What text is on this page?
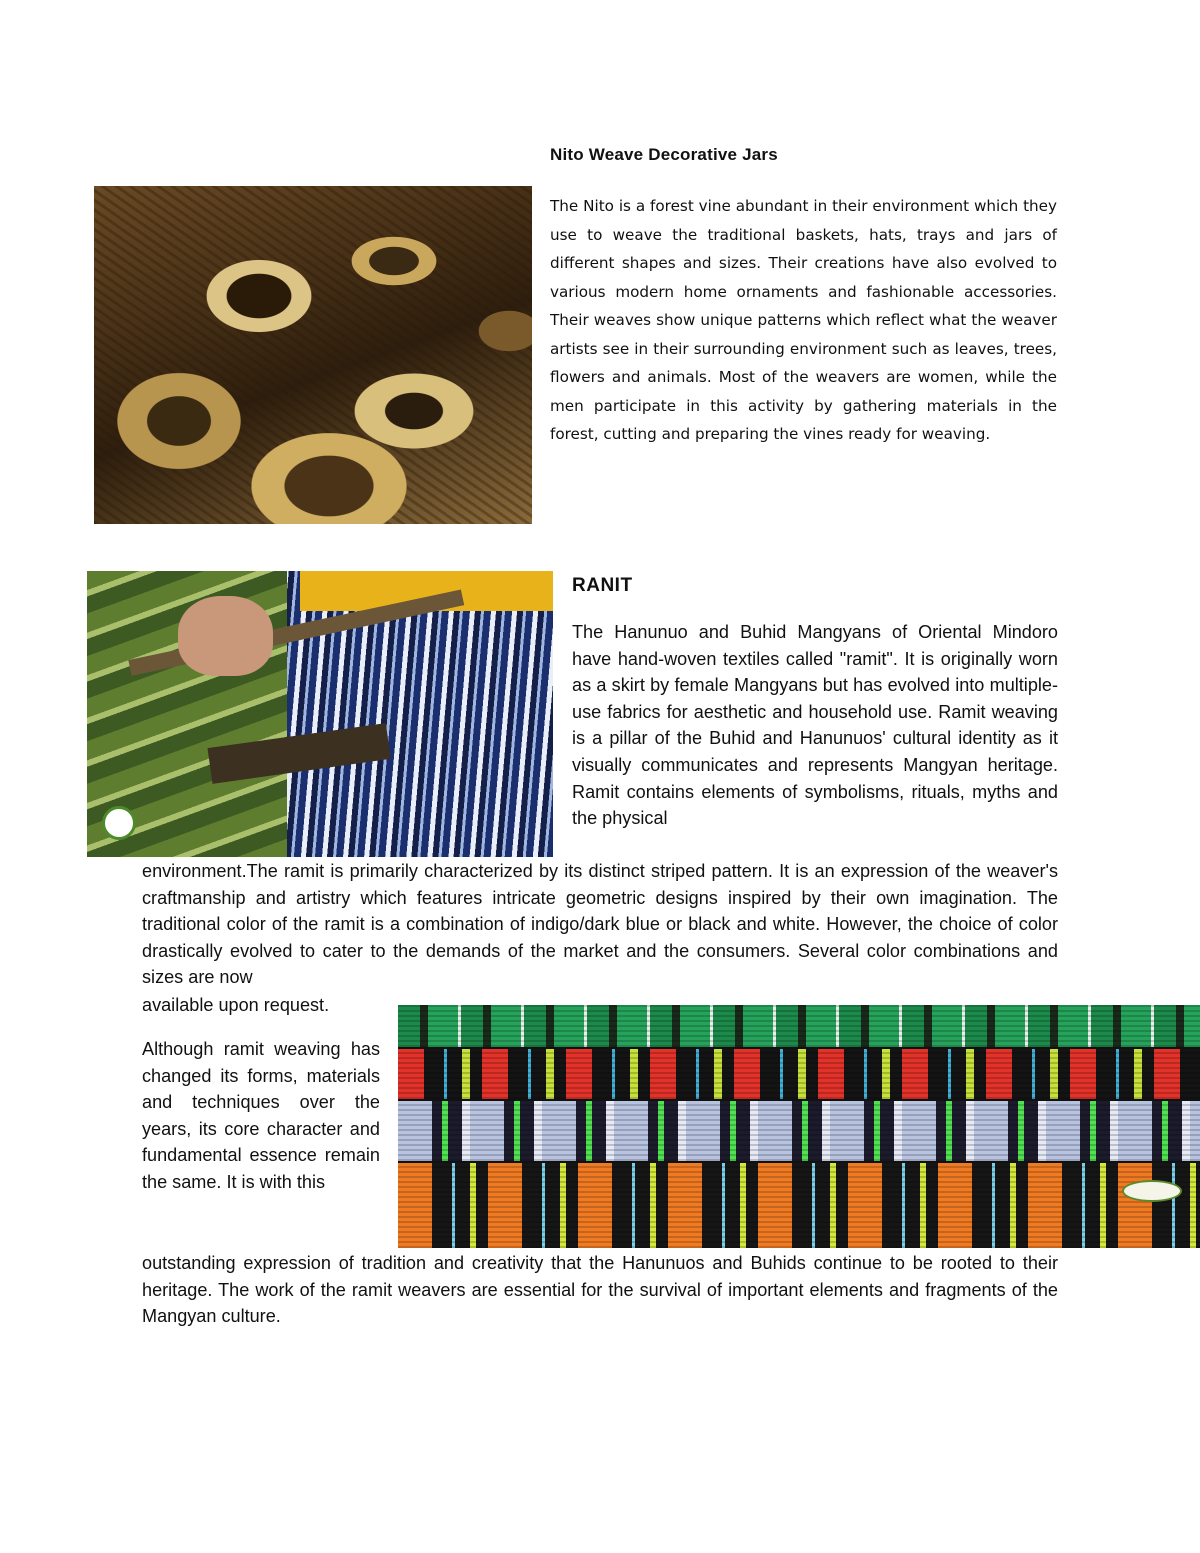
Nito Weave Decorative Jars
The Nito is a forest vine abundant in their environment which they use to weave the traditional baskets, hats, trays and jars of different shapes and sizes. Their creations have also evolved to various modern home ornaments and fashionable accessories. Their weaves show unique patterns which reflect what the weaver artists see in their surrounding environment such as leaves, trees, flowers and animals. Most of the weavers are women, while the men participate in this activity by gathering materials in the forest, cutting and preparing the vines ready for weaving.
RANIT
The Hanunuo and Buhid Mangyans of Oriental Mindoro have hand-woven textiles called "ramit". It is originally worn as a skirt by female Mangyans but has evolved into multiple-use fabrics for aesthetic and household use. Ramit weaving is a pillar of the Buhid and Hanunuos' cultural identity as it visually communicates and represents Mangyan heritage. Ramit contains elements of symbolisms, rituals, myths and the physical
environment.The ramit is primarily characterized by its distinct striped pattern. It is an expression of the weaver's craftmanship and artistry which features intricate geometric designs inspired by their own imagination. The traditional color of the ramit is a combination of indigo/dark blue or black and white. However, the choice of color drastically evolved to cater to the demands of the market and the consumers. Several color combinations and sizes are now
available upon request.
Although ramit weaving has changed its forms, materials and techniques over the years, its core character and fundamental essence remain the same. It is with this
outstanding expression of tradition and creativity that the Hanunuos and Buhids continue to be rooted to their heritage. The work of the ramit weavers are essential for the survival of important elements and fragments of the Mangyan culture.
